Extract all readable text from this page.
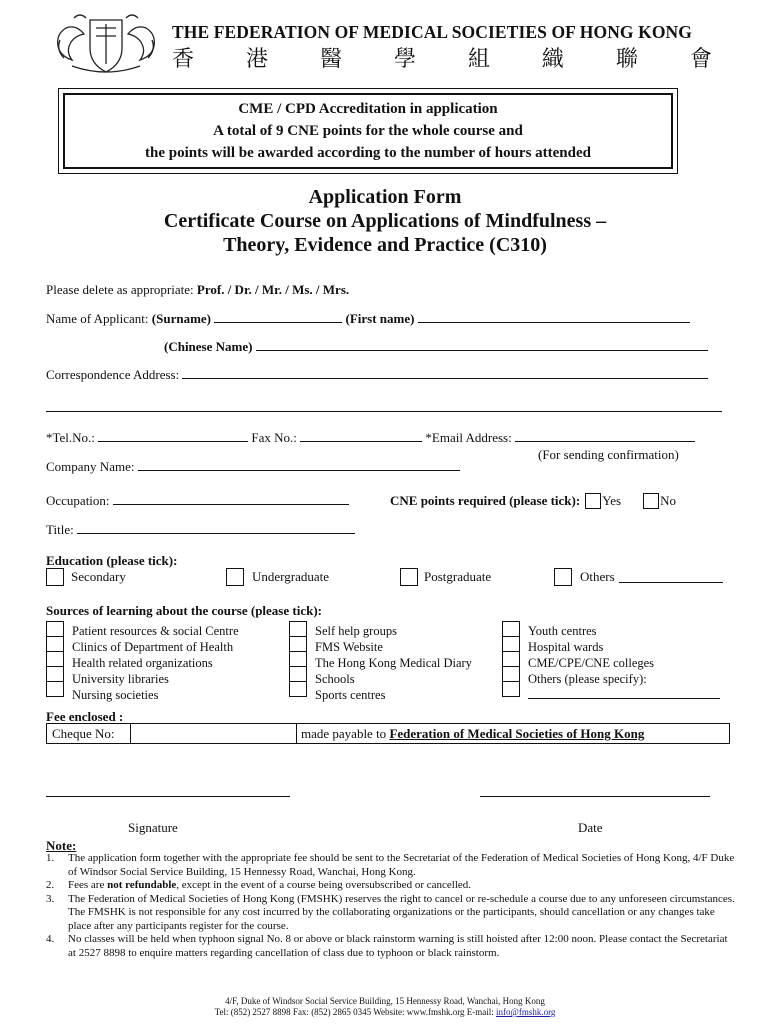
THE FEDERATION OF MEDICAL SOCIETIES OF HONG KONG
香 港 醫 學 組 織 聯 會
CME / CPD Accreditation in application
A total of 9 CNE points for the whole course and
the points will be awarded according to the number of hours attended
Application Form
Certificate Course on Applications of Mindfulness –
Theory, Evidence and Practice (C310)
Please delete as appropriate: Prof. / Dr. / Mr. / Ms. / Mrs.
Name of Applicant: (Surname)	(First name)
(Chinese Name)
Correspondence Address:
*Tel.No.:	Fax No.:	*Email Address:
(For sending confirmation)
Company Name:
Occupation:	CNE points required (please tick): Yes	No
Title:
Education (please tick):
Secondary	Undergraduate	Postgraduate	Others
Sources of learning about the course (please tick):
Patient resources & social Centre
Clinics of Department of Health
Health related organizations
University libraries
Nursing societies
Self help groups
FMS Website
The Hong Kong Medical Diary
Schools
Sports centres
Youth centres
Hospital wards
CME/CPE/CNE colleges
Others (please specify):
Fee enclosed :
Cheque No:	made payable to Federation of Medical Societies of Hong Kong
Signature	Date
Note:
1.	The application form together with the appropriate fee should be sent to the Secretariat of the Federation of Medical Societies of Hong Kong, 4/F Duke of Windsor Social Service Building, 15 Hennessy Road, Wanchai, Hong Kong.
2.	Fees are not refundable, except in the event of a course being oversubscribed or cancelled.
3.	The Federation of Medical Societies of Hong Kong (FMSHK) reserves the right to cancel or re-schedule a course due to any unforeseen circumstances. The FMSHK is not responsible for any cost incurred by the collaborating organizations or the participants, should cancellation or any changes take place after any participants register for the course.
4.	No classes will be held when typhoon signal No. 8 or above or black rainstorm warning is still hoisted after 12:00 noon. Please contact the Secretariat at 2527 8898 to enquire matters regarding cancellation of class due to typhoon or black rainstorm.
4/F, Duke of Windsor Social Service Building, 15 Hennessy Road, Wanchai, Hong Kong
Tel: (852) 2527 8898 Fax: (852) 2865 0345 Website: www.fmshk.org E-mail: info@fmshk.org
